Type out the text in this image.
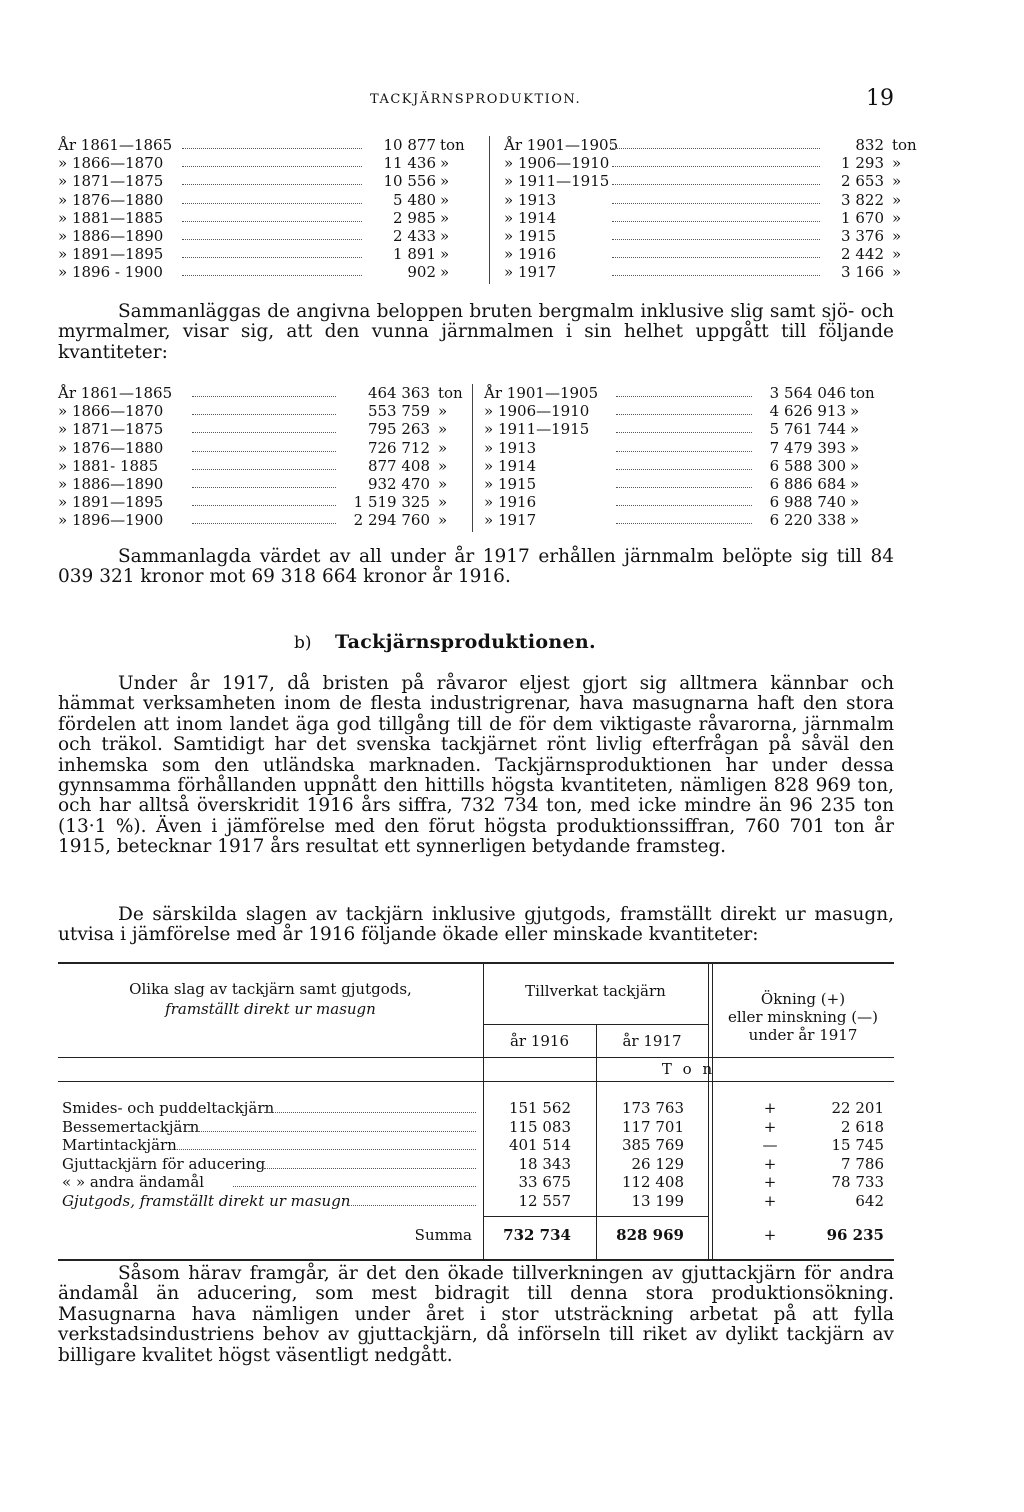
TACKJÄRNSPRODUKTION.	19
År 1861—1865	10 877 ton
» 1866—1870	11 436 »
» 1871—1875	10 556 »
» 1876—1880	5 480 »
» 1881—1885	2 985 »
» 1886—1890	2 433 »
» 1891—1895	1 891 »
» 1896 - 1900	902 »
År 1901—1905	832 ton
» 1906—1910	1 293 »
» 1911—1915	2 653 »
» 1913	3 822 »
» 1914	1 670 »
» 1915	3 376 »
» 1916	2 442 »
» 1917	3 166 »

Sammanläggas de angivna beloppen bruten bergmalm inklusive slig samt sjö- och myrmalmer, visar sig, att den vunna järnmalmen i sin helhet uppgått till följande kvantiteter:

År 1861—1865	464 363 ton
» 1866—1870	553 759 »
» 1871—1875	795 263 »
» 1876—1880	726 712 »
» 1881- 1885	877 408 »
» 1886—1890	932 470 »
» 1891—1895	1 519 325 »
» 1896—1900	2 294 760 »
År 1901—1905	3 564 046 ton
» 1906—1910	4 626 913 »
» 1911—1915	5 761 744 »
» 1913	7 479 393 »
» 1914	6 588 300 »
» 1915	6 886 684 »
» 1916	6 988 740 »
» 1917	6 220 338 »

Sammanlagda värdet av all under år 1917 erhållen järnmalm belöpte sig till 84 039 321 kronor mot 69 318 664 kronor år 1916.

b) Tackjärnsproduktionen.

Under år 1917, då bristen på råvaror eljest gjort sig alltmera kännbar och hämmat verksamheten inom de flesta industrigrenar, hava masugnarna haft den stora fördelen att inom landet äga god tillgång till de för dem viktigaste råvarorna, järnmalm och träkol. Samtidigt har det svenska tackjärnet rönt livlig efterfrågan på såväl den inhemska som den utländska marknaden. Tackjärnsproduktionen har under dessa gynnsamma förhållanden uppnått den hittills högsta kvantiteten, nämligen 828 969 ton, och har alltså överskridit 1916 års siffra, 732 734 ton, med icke mindre än 96 235 ton (13·1 %). Även i jämförelse med den förut högsta produktionssiffran, 760 701 ton år 1915, betecknar 1917 års resultat ett synnerligen betydande framsteg.

De särskilda slagen av tackjärn inklusive gjutgods, framställt direkt ur masugn, utvisa i jämförelse med år 1916 följande ökade eller minskade kvantiteter:

Olika slag av tackjärn samt gjutgods,
framställt direkt ur masugn
Tillverkat tackjärn
år 1916	år 1917
Ökning (+)
eller minskning (—)
under år 1917
T o n
Smides- och puddeltackjärn	151 562	173 763	+	22 201
Bessemertackjärn	115 083	117 701	+	2 618
Martintackjärn	401 514	385 769	—	15 745
Gjuttackjärn för aducering	18 343	26 129	+	7 786
« » andra ändamål	33 675	112 408	+	78 733
Gjutgods, framställt direkt ur masugn	12 557	13 199	+	642
Summa	732 734	828 969	+	96 235

Såsom härav framgår, är det den ökade tillverkningen av gjuttackjärn för andra ändamål än aducering, som mest bidragit till denna stora produktionsökning. Masugnarna hava nämligen under året i stor utsträckning arbetat på att fylla verkstadsindustriens behov av gjuttackjärn, då införseln till riket av dylikt tackjärn av billigare kvalitet högst väsentligt nedgått.
